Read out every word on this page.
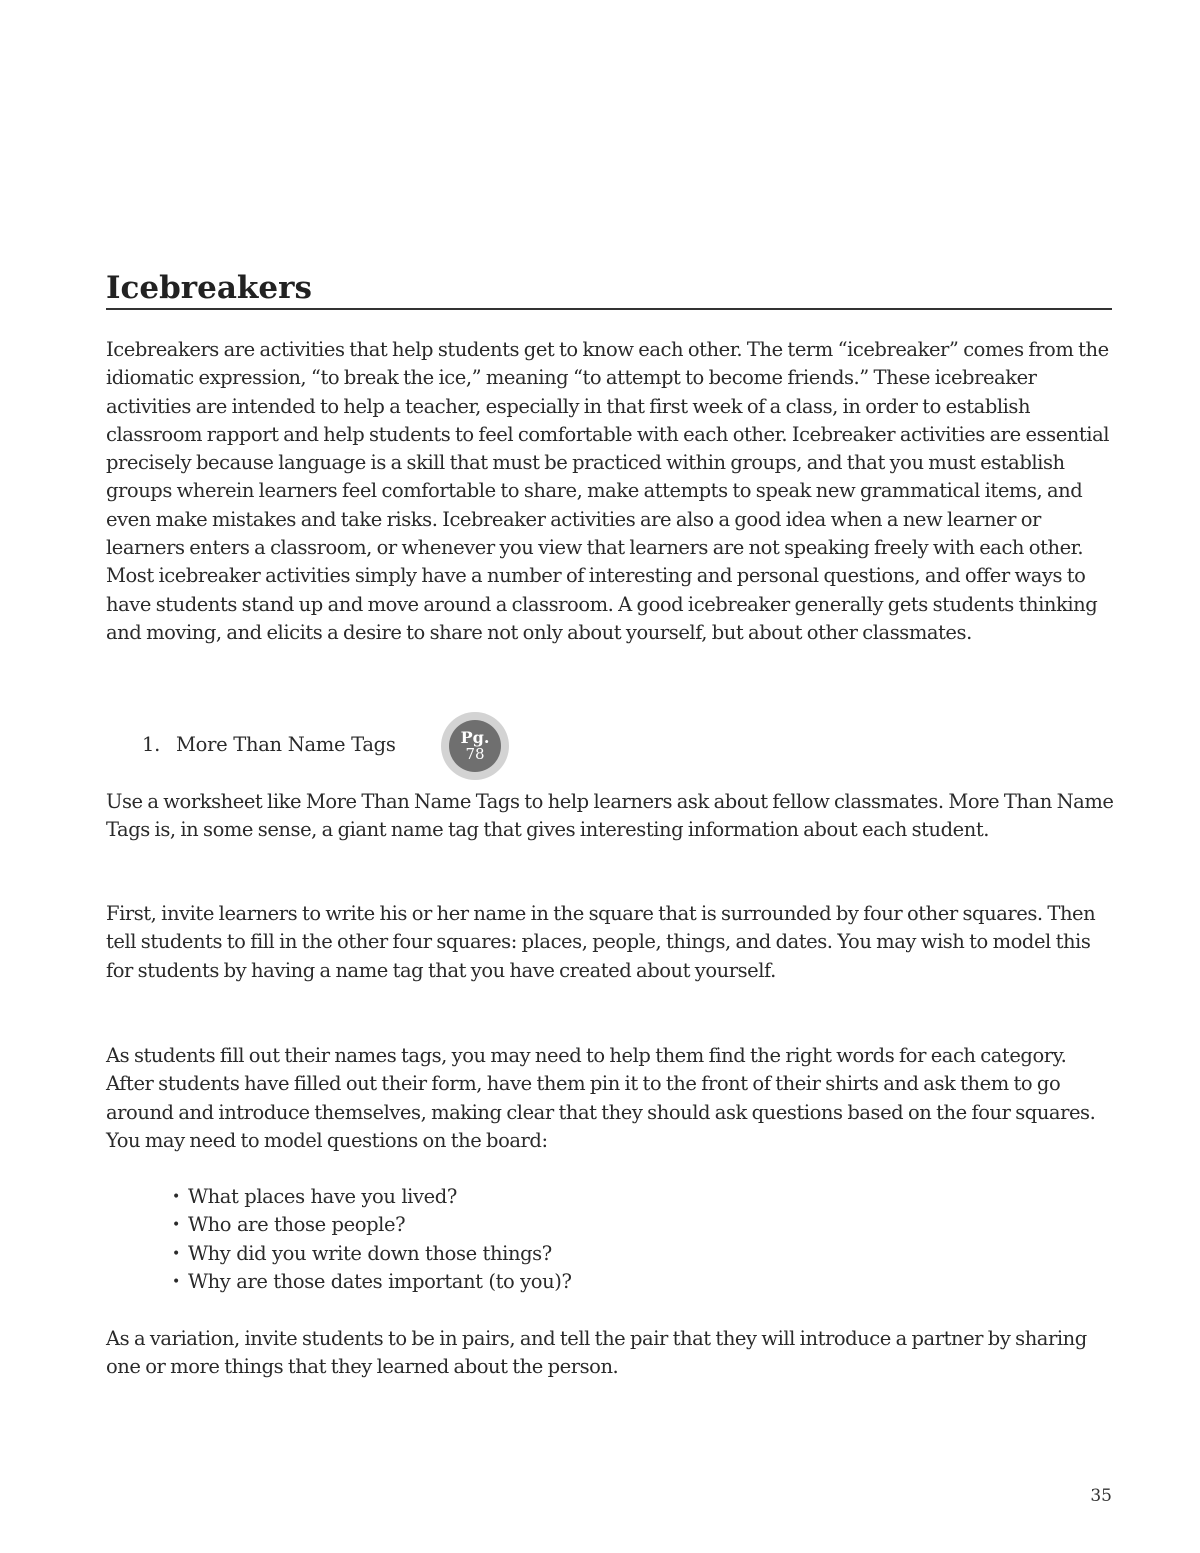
Icebreakers

Icebreakers are activities that help students get to know each other. The term “icebreaker” comes from the idiomatic expression, “to break the ice,” meaning “to attempt to become friends.” These icebreaker activities are intended to help a teacher, especially in that first week of a class, in order to establish classroom rapport and help students to feel comfortable with each other. Icebreaker activities are essential precisely because language is a skill that must be practiced within groups, and that you must establish groups wherein learners feel comfortable to share, make attempts to speak new grammatical items, and even make mistakes and take risks. Icebreaker activities are also a good idea when a new learner or learners enters a classroom, or whenever you view that learners are not speaking freely with each other. Most icebreaker activities simply have a number of interesting and personal questions, and offer ways to have students stand up and move around a classroom. A good icebreaker generally gets students thinking and moving, and elicits a desire to share not only about yourself, but about other classmates.

1. More Than Name Tags	Pg.
78

Use a worksheet like More Than Name Tags to help learners ask about fellow classmates. More Than Name Tags is, in some sense, a giant name tag that gives interesting information about each student.

First, invite learners to write his or her name in the square that is surrounded by four other squares. Then tell students to fill in the other four squares: places, people, things, and dates. You may wish to model this for students by having a name tag that you have created about yourself.

As students fill out their names tags, you may need to help them find the right words for each category. After students have filled out their form, have them pin it to the front of their shirts and ask them to go around and introduce themselves, making clear that they should ask questions based on the four squares. You may need to model questions on the board:

• What places have you lived?
• Who are those people?
• Why did you write down those things?
• Why are those dates important (to you)?

As a variation, invite students to be in pairs, and tell the pair that they will introduce a partner by sharing one or more things that they learned about the person.

35
